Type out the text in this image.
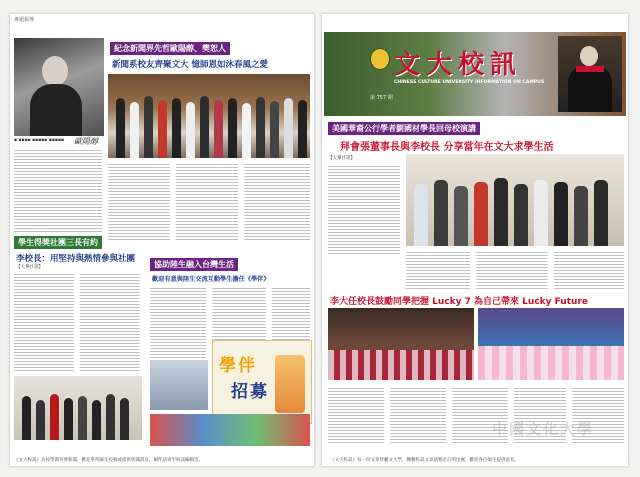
專題報導
▪ ▪▪▪▪ ▪▪▪▪▪ ▪▪▪▪▪	歐陽醇
紀念新聞界先哲歐陽醇、樊恕人
新聞系校友齊聚文大 憶師恩如沐春風之愛
學生得獎社團三長有約
李校長：用堅持與熱情參與社團
【大華社訊】	協助陸生融入台灣生活
歡迎有意與陸生交流互動學生擔任《學伴》
學伴
招募
《文大校訊》為按學期刊發新聞，歡迎系所師生投稿或提供新聞消息，稿件請寄至校訊編輯室。
文大校訊
CHINESE CULTURE UNIVERSITY INFORMATION ON CAMPUS
第 757 期
美國華裔公行學者劉國材學長回母校演講
拜會張董事長與李校長 分享當年在文大求學生活
【大華社訊】
李大任校長鼓勵同學把握 Lucky 7 為自己帶來 Lucky Future
中國文化大學
《文大校訊》每一份文章皆屬文大學，轉載校訊文章請務必註明出處，歡迎各位師生提供意見。
